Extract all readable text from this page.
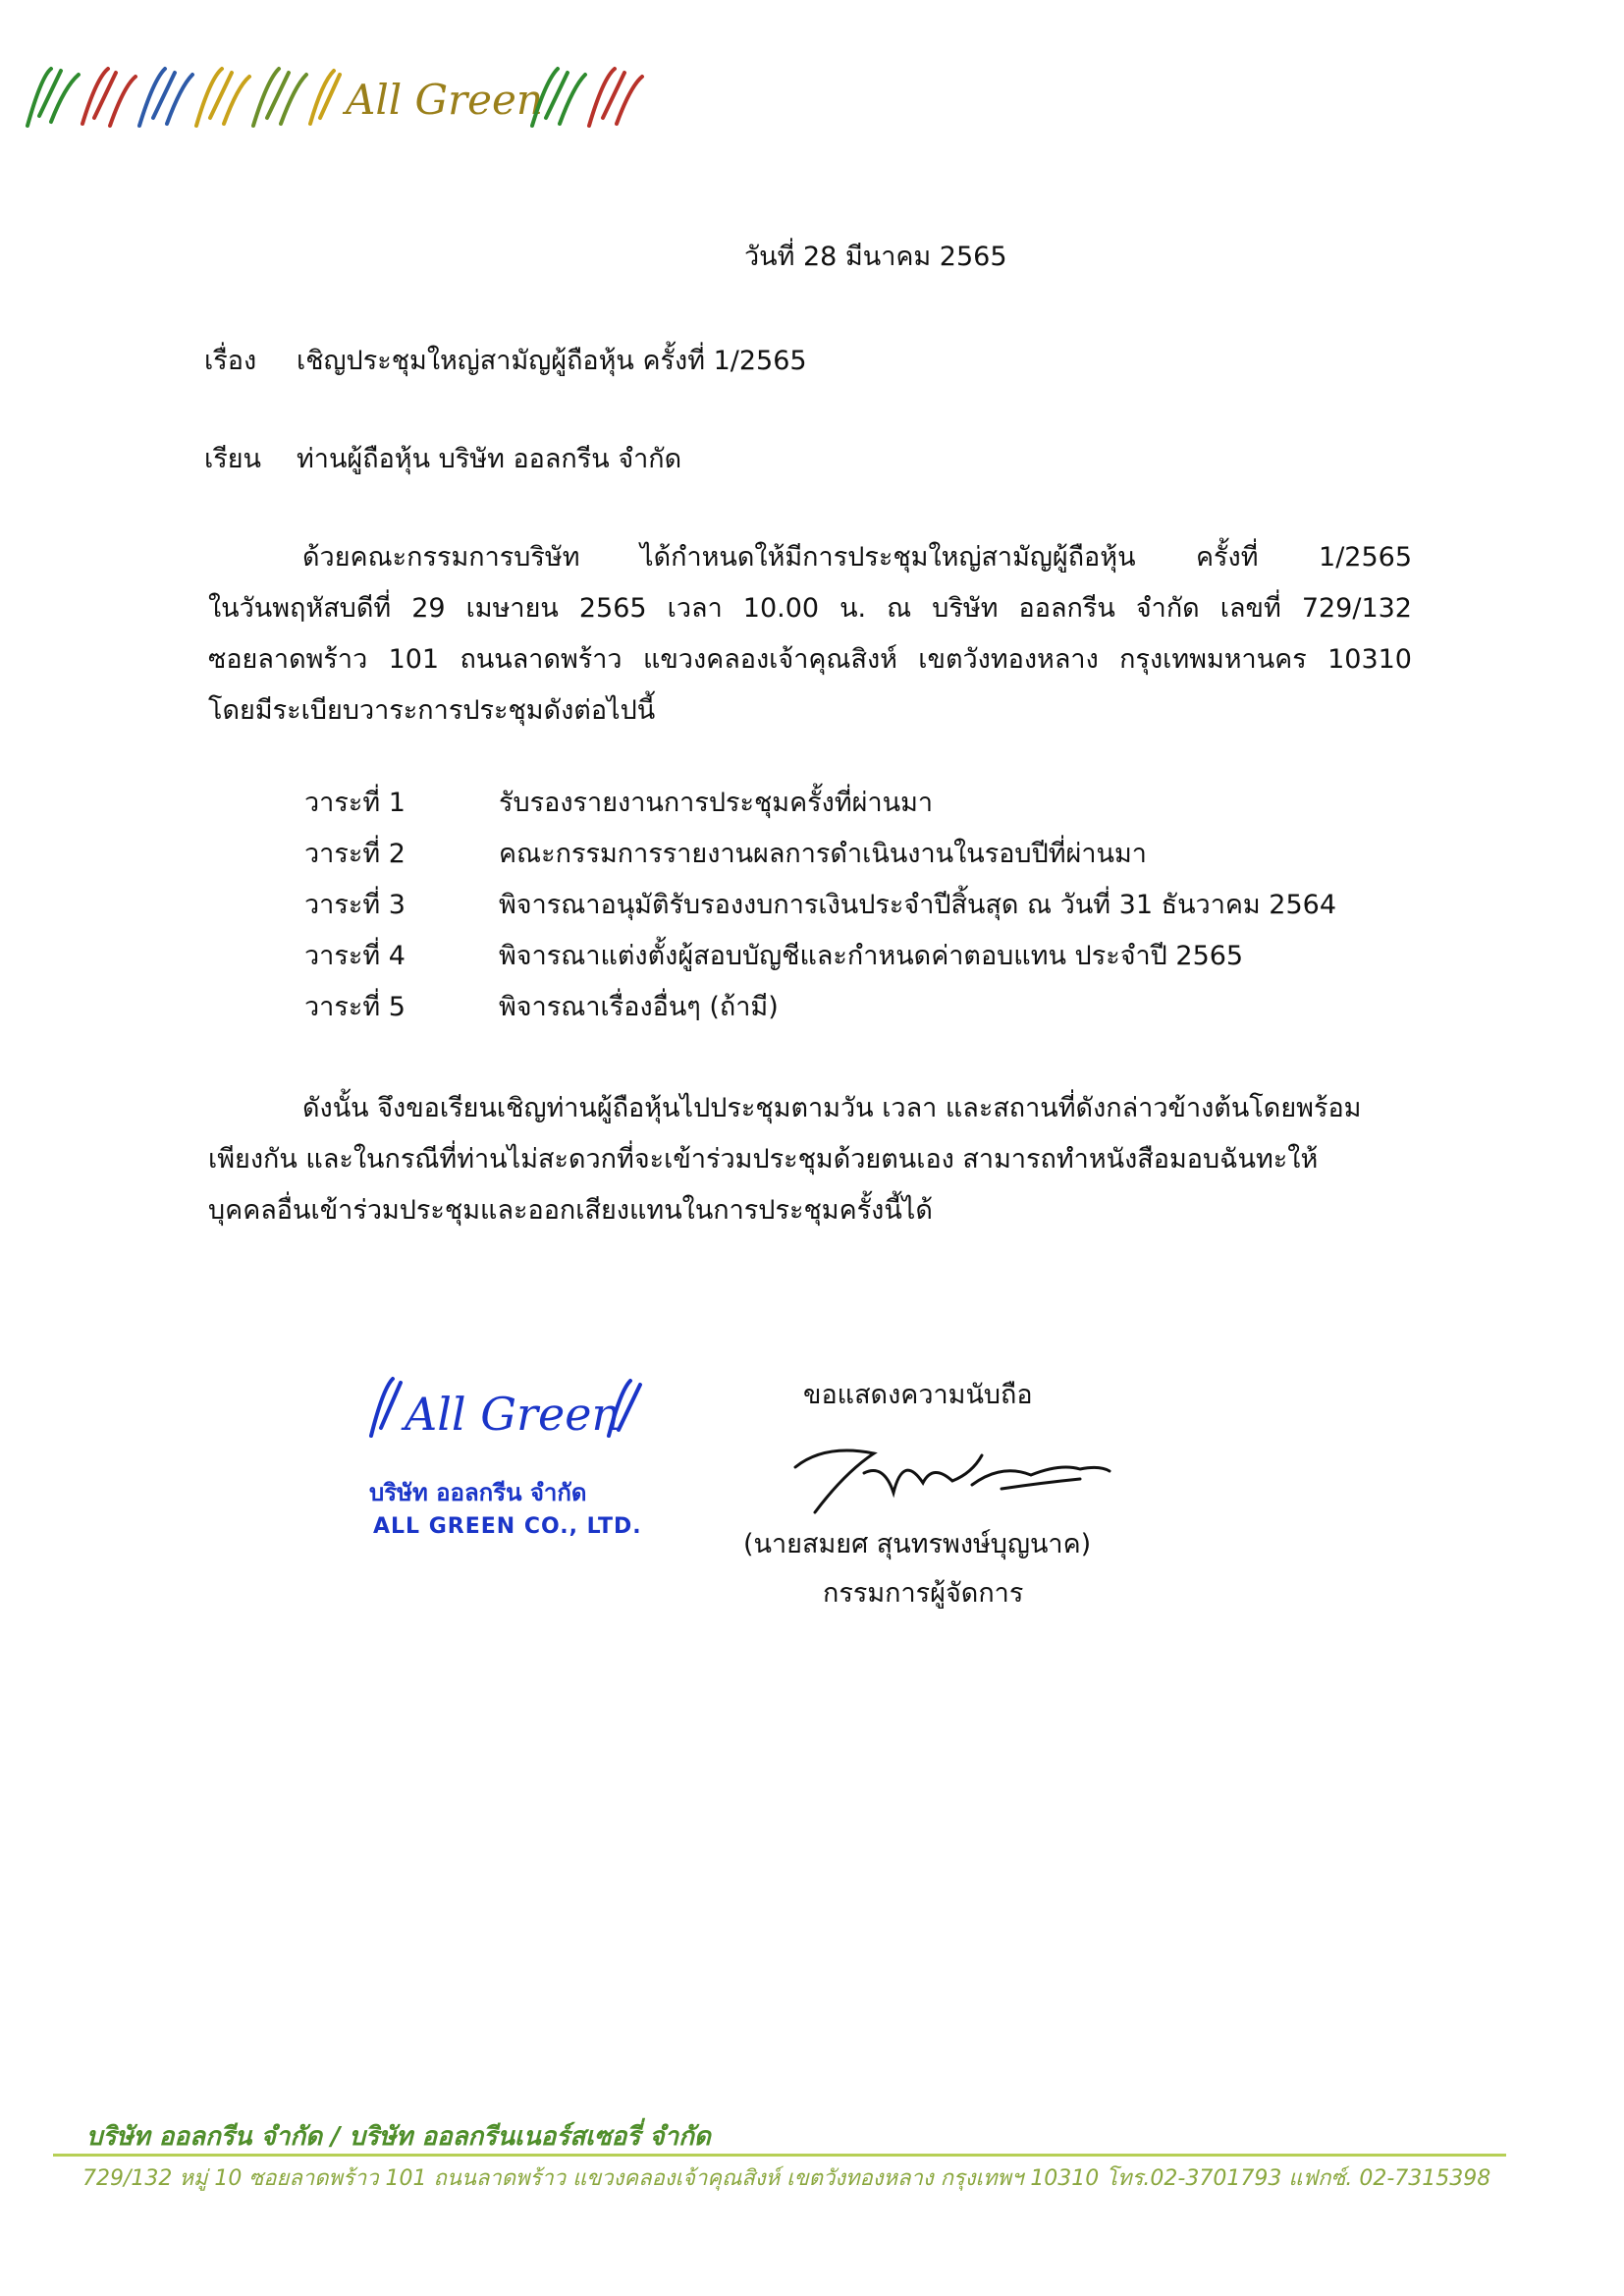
All Green
วันที่ 28 มีนาคม 2565
เรื่อง เชิญประชุมใหญ่สามัญผู้ถือหุ้น ครั้งที่ 1/2565
เรียน ท่านผู้ถือหุ้น บริษัท ออลกรีน จำกัด
ด้วยคณะกรรมการบริษัท ได้กำหนดให้มีการประชุมใหญ่สามัญผู้ถือหุ้น ครั้งที่ 1/2565
ในวันพฤหัสบดีที่ 29 เมษายน 2565 เวลา 10.00 น. ณ บริษัท ออลกรีน จำกัด เลขที่ 729/132
ซอยลาดพร้าว 101 ถนนลาดพร้าว แขวงคลองเจ้าคุณสิงห์ เขตวังทองหลาง กรุงเทพมหานคร 10310
โดยมีระเบียบวาระการประชุมดังต่อไปนี้
วาระที่ 1	รับรองรายงานการประชุมครั้งที่ผ่านมา
วาระที่ 2	คณะกรรมการรายงานผลการดำเนินงานในรอบปีที่ผ่านมา
วาระที่ 3	พิจารณาอนุมัติรับรองงบการเงินประจำปีสิ้นสุด ณ วันที่ 31 ธันวาคม 2564
วาระที่ 4	พิจารณาแต่งตั้งผู้สอบบัญชีและกำหนดค่าตอบแทน ประจำปี 2565
วาระที่ 5	พิจารณาเรื่องอื่นๆ (ถ้ามี)
ดังนั้น จึงขอเรียนเชิญท่านผู้ถือหุ้นไปประชุมตามวัน เวลา และสถานที่ดังกล่าวข้างต้นโดยพร้อม
เพียงกัน และในกรณีที่ท่านไม่สะดวกที่จะเข้าร่วมประชุมด้วยตนเอง สามารถทำหนังสือมอบฉันทะให้
บุคคลอื่นเข้าร่วมประชุมและออกเสียงแทนในการประชุมครั้งนี้ได้
All Green
บริษัท ออลกรีน จำกัด
ALL GREEN CO., LTD.
ขอแสดงความนับถือ
(นายสมยศ สุนทรพงษ์บุญนาค)
กรรมการผู้จัดการ
บริษัท ออลกรีน จำกัด / บริษัท ออลกรีนเนอร์สเซอรี่ จำกัด
729/132 หมู่ 10 ซอยลาดพร้าว 101 ถนนลาดพร้าว แขวงคลองเจ้าคุณสิงห์ เขตวังทองหลาง กรุงเทพฯ 10310 โทร.02-3701793 แฟกซ์. 02-7315398
